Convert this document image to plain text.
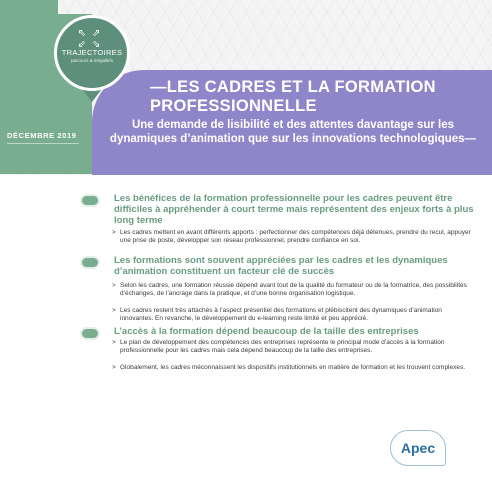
⇖⇗
⇙⇘
TRAJECTOIRES
parcours & inégalités
DÉCEMBRE 2019
—LES CADRES ET LA FORMATION PROFESSIONNELLE

Une demande de lisibilité et des attentes davantage sur les dynamiques d’animation que sur les innovations technologiques—

Les bénéfices de la formation professionnelle pour les cadres peuvent être difficiles à appréhender à court terme mais représentent des enjeux forts à plus long terme
> Les cadres mettent en avant différents apports : perfectionner des compétences déjà détenues, prendre du recul, appuyer une prise de poste, développer son réseau professionnel, prendre confiance en soi.
Les formations sont souvent appréciées par les cadres et les dynamiques d’animation constituent un facteur clé de succès
> Selon les cadres, une formation réussie dépend avant tout de la qualité du formateur ou de la formatrice, des possibilités d’échanges, de l’ancrage dans la pratique, et d’une bonne organisation logistique.
> Les cadres restent très attachés à l’aspect présentiel des formations et plébiscitent des dynamiques d’animation innovantes. En revanche, le développement du e-learning reste limité et peu apprécié.
L’accès à la formation dépend beaucoup de la taille des entreprises
> Le plan de développement des compétences des entreprises représente le principal mode d’accès à la formation professionnelle pour les cadres mais cela dépend beaucoup de la taille des entreprises.
> Globalement, les cadres méconnaissent les dispositifs institutionnels en matière de formation et les trouvent complexes.
Apec
